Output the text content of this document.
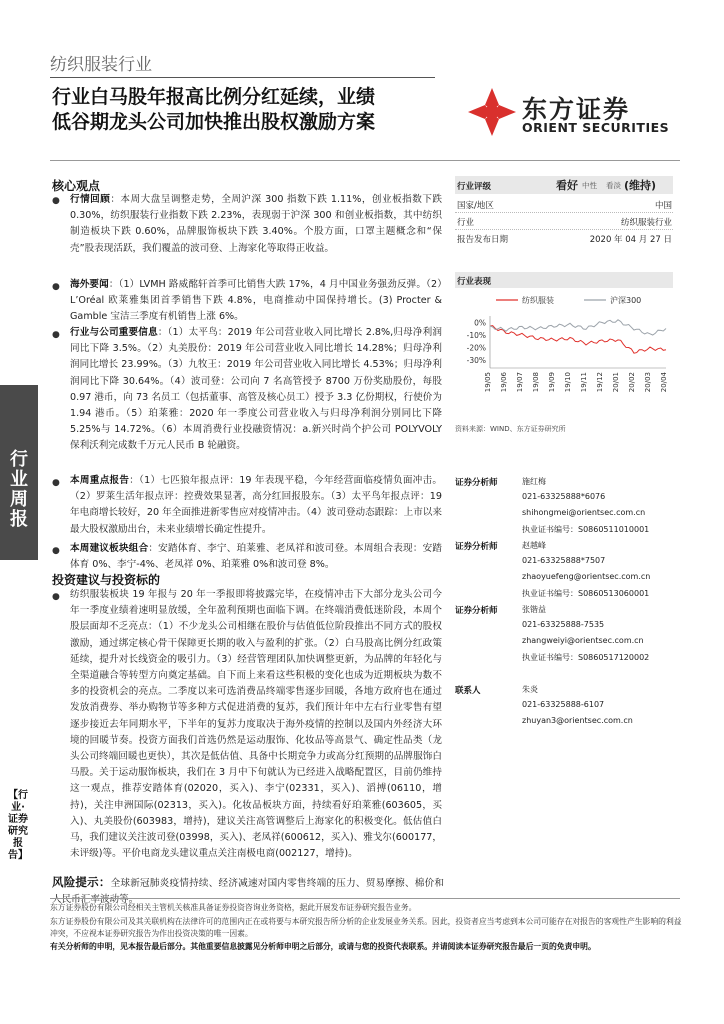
纺织服装行业
行业白马股年报高比例分红延续，业绩
低谷期龙头公司加快推出股权激励方案	东方证券
ORIENT SECURITIES
行业周报
【行业·证券研究报告】
核心观点
● 行情回顾：本周大盘呈调整走势，全周沪深 300 指数下跌 1.11%，创业板指数下跌 0.30%，纺织服装行业指数下跌 2.23%，表现弱于沪深 300 和创业板指数，其中纺织制造板块下跌 0.60%，品牌服饰板块下跌 3.40%。个股方面，口罩主题概念和“保壳”股表现活跃，我们覆盖的波司登、上海家化等取得正收益。
● 海外要闻：（1）LVMH 路威酩轩首季可比销售大跌 17%，4 月中国业务强劲反弹。（2）L’Oréal 欧莱雅集团首季销售下跌 4.8%，电商推动中国保持增长。(3) Procter & Gamble 宝洁三季度有机销售上涨 6%。
● 行业与公司重要信息：（1）太平鸟：2019 年公司营业收入同比增长 2.8%,归母净利润同比下降 3.5%。（2）丸美股份：2019 年公司营业收入同比增长 14.28%；归母净利润同比增长 23.99%。（3）九牧王：2019 年公司营业收入同比增长 4.53%；归母净利润同比下降 30.64%。（4）波司登：公司向 7 名高管授予 8700 万份奖励股份，每股 0.97 港币，向 73 名员工（包括董事、高管及核心员工）授予 3.3 亿份期权，行使价为 1.94 港币。（5）珀莱雅：2020 年一季度公司营业收入与归母净利润分别同比下降 5.25%与 14.72%。（6）本周消费行业投融资情况：a.新兴时尚个护公司 POLYVOLY 保利沃利完成数千万元人民币 B 轮融资。
● 本周重点报告：（1）七匹狼年报点评：19 年表现平稳，今年经营面临疫情负面冲击。（2）罗莱生活年报点评：控费效果显著，高分红回报股东。（3）太平鸟年报点评：19 年电商增长较好，20 年全面推进新零售应对疫情冲击。（4）波司登动态跟踪：上市以来最大股权激励出台，未来业绩增长确定性提升。
● 本周建议板块组合：安踏体育、李宁、珀莱雅、老凤祥和波司登。本周组合表现：安踏体育 0%、李宁-4%、老凤祥 0%、珀莱雅 0%和波司登 8%。
投资建议与投资标的
● 纺织服装板块 19 年报与 20 年一季报即将披露完毕，在疫情冲击下大部分龙头公司今年一季度业绩着速明显放缓，全年盈利预期也面临下调。在终端消费低迷阶段，本周个股层面却不乏亮点：（1）不少龙头公司相继在股价与估值低位阶段推出不同方式的股权激励，通过绑定核心骨干保障更长期的收入与盈利的扩张。（2）白马股高比例分红政策延续，提升对长线资金的吸引力。（3）经营管理团队加快调整更新，为品牌的年轻化与全渠道融合等转型方向奠定基础。自下而上来看这些积极的变化也成为近期板块为数不多的投资机会的亮点。二季度以来可选消费品终端零售逐步回暖，各地方政府也在通过发放消费券、举办购物节等多种方式促进消费的复苏，我们预计年中左右行业零售有望逐步接近去年同期水平，下半年的复苏力度取决于海外疫情的控制以及国内外经济大环境的回暖节奏。投资方面我们首选仍然是运动服饰、化妆品等高景气、确定性品类（龙头公司终端回暖也更快），其次是低估值、具备中长期竞争力或高分红预期的品牌服饰白马股。关于运动服饰板块，我们在 3 月中下旬就认为已经进入战略配置区，目前仍维持这一观点，推荐安踏体育(02020，买入)、李宁(02331，买入)、滔搏(06110，增持)，关注申洲国际(02313，买入)。化妆品板块方面，持续看好珀莱雅(603605，买入)、丸美股份(603983，增持)，建议关注高管调整后上海家化的积极变化。低估值白马，我们建议关注波司登(03998，买入)、老凤祥(600612，买入)、雅戈尔(600177，未评级)等。平价电商龙头建议重点关注南极电商(002127，增持)。
风险提示：全球新冠肺炎疫情持续、经济减速对国内零售终端的压力、贸易摩擦、棉价和人民币汇率波动等。
行业评级	看好 中性 看淡 (维持)
国家/地区	中国
行业	纺织服装行业
报告发布日期	2020 年 04 月 27 日
行业表现
纺织服装	沪深300
0%
-10%
-20%
-30%
19/05 19/06 19/07 19/08 19/09 19/10 19/11 19/12 20/01 20/02 20/03 20/04
资料来源：WIND、东方证券研究所
证券分析师	施红梅
021-63325888*6076
shihongmei@orientsec.com.cn
执业证书编号：S0860511010001
证券分析师	赵越峰
021-63325888*7507
zhaoyuefeng@orientsec.com.cn
执业证书编号：S0860513060001
证券分析师	张锴益
021-63325888-7535
zhangweiyi@orientsec.com.cn
执业证书编号：S0860517120002
联系人	朱炎
021-63325888-6107
zhuyan3@orientsec.com.cn
东方证券股份有限公司经相关主管机关核准具备证券投资咨询业务资格，据此开展发布证券研究报告业务。
东方证券股份有限公司及其关联机构在法律许可的范围内正在或将要与本研究报告所分析的企业发展业务关系。因此，投资者应当考虑到本公司可能存在对报告的客观性产生影响的利益冲突，不应视本证券研究报告为作出投资决策的唯一因素。
有关分析师的申明，见本报告最后部分。其他重要信息披露见分析师申明之后部分，或请与您的投资代表联系。并请阅读本证券研究报告最后一页的免责申明。
